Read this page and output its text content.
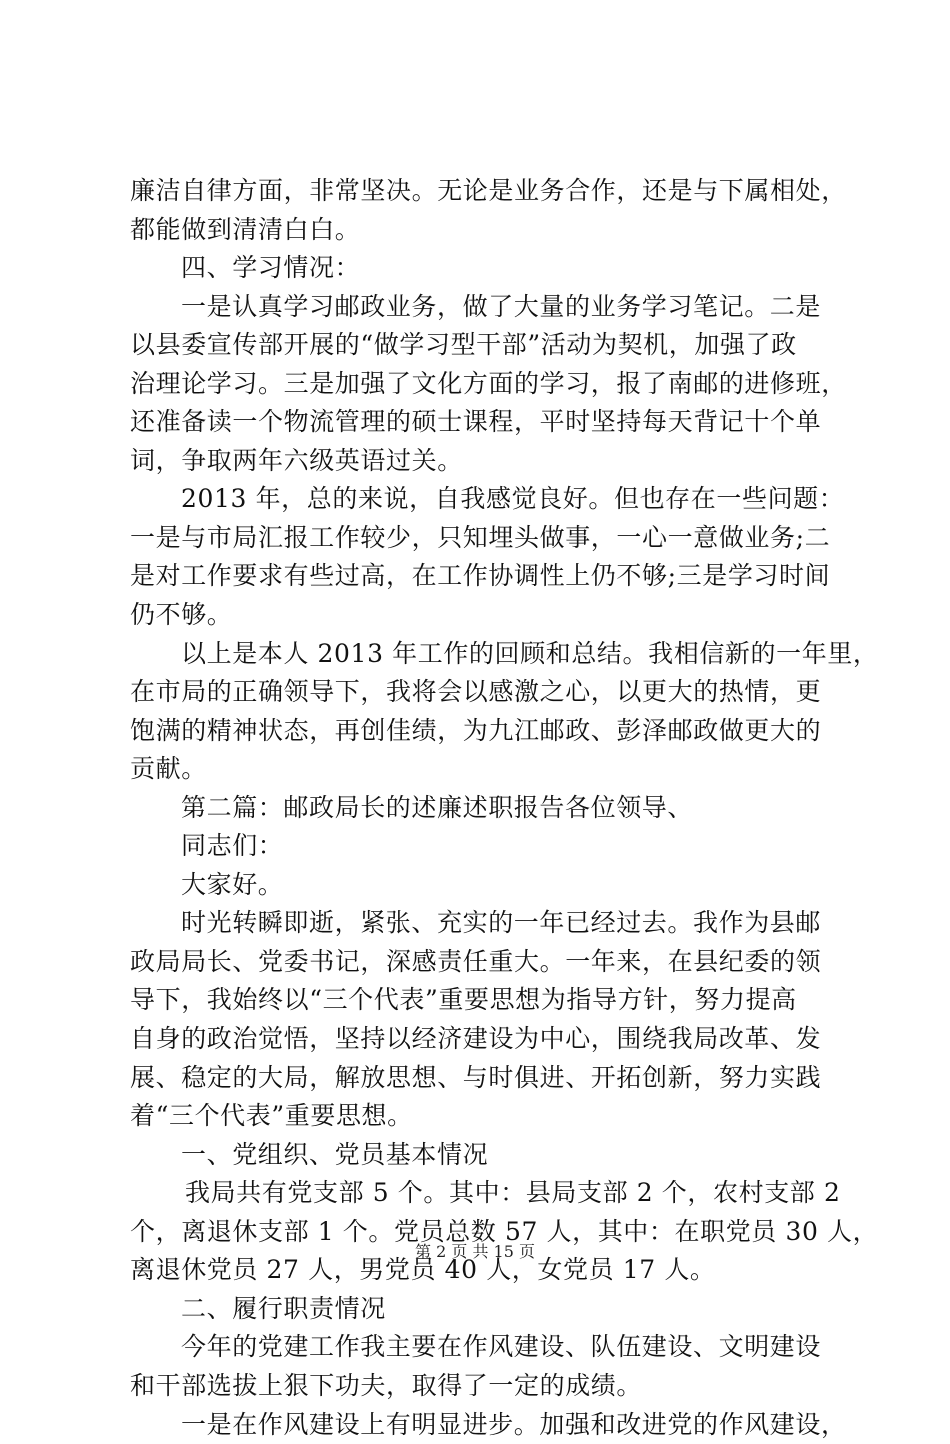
廉洁自律方面，非常坚决。无论是业务合作，还是与下属相处，
都能做到清清白白。
四、学习情况：
一是认真学习邮政业务，做了大量的业务学习笔记。二是
以县委宣传部开展的“做学习型干部”活动为契机，加强了政
治理论学习。三是加强了文化方面的学习，报了南邮的进修班，
还准备读一个物流管理的硕士课程，平时坚持每天背记十个单
词，争取两年六级英语过关。
2013 年，总的来说，自我感觉良好。但也存在一些问题：
一是与市局汇报工作较少，只知埋头做事，一心一意做业务;二
是对工作要求有些过高，在工作协调性上仍不够;三是学习时间
仍不够。
以上是本人 2013 年工作的回顾和总结。我相信新的一年里，
在市局的正确领导下，我将会以感激之心，以更大的热情，更
饱满的精神状态，再创佳绩，为九江邮政、彭泽邮政做更大的
贡献。
第二篇：邮政局长的述廉述职报告各位领导、
同志们：
大家好。
时光转瞬即逝，紧张、充实的一年已经过去。我作为县邮
政局局长、党委书记，深感责任重大。一年来，在县纪委的领
导下，我始终以“三个代表”重要思想为指导方针，努力提高
自身的政治觉悟，坚持以经济建设为中心，围绕我局改革、发
展、稳定的大局，解放思想、与时俱进、开拓创新，努力实践
着“三个代表”重要思想。
一、党组织、党员基本情况
我局共有党支部 5 个。其中：县局支部 2 个，农村支部 2
个，离退休支部 1 个。党员总数 57 人，其中：在职党员 30 人，
离退休党员 27 人，男党员 40 人，女党员 17 人。
二、履行职责情况
今年的党建工作我主要在作风建设、队伍建设、文明建设
和干部选拔上狠下功夫，取得了一定的成绩。
一是在作风建设上有明显进步。加强和改进党的作风建设，
第 2 页 共 15 页
